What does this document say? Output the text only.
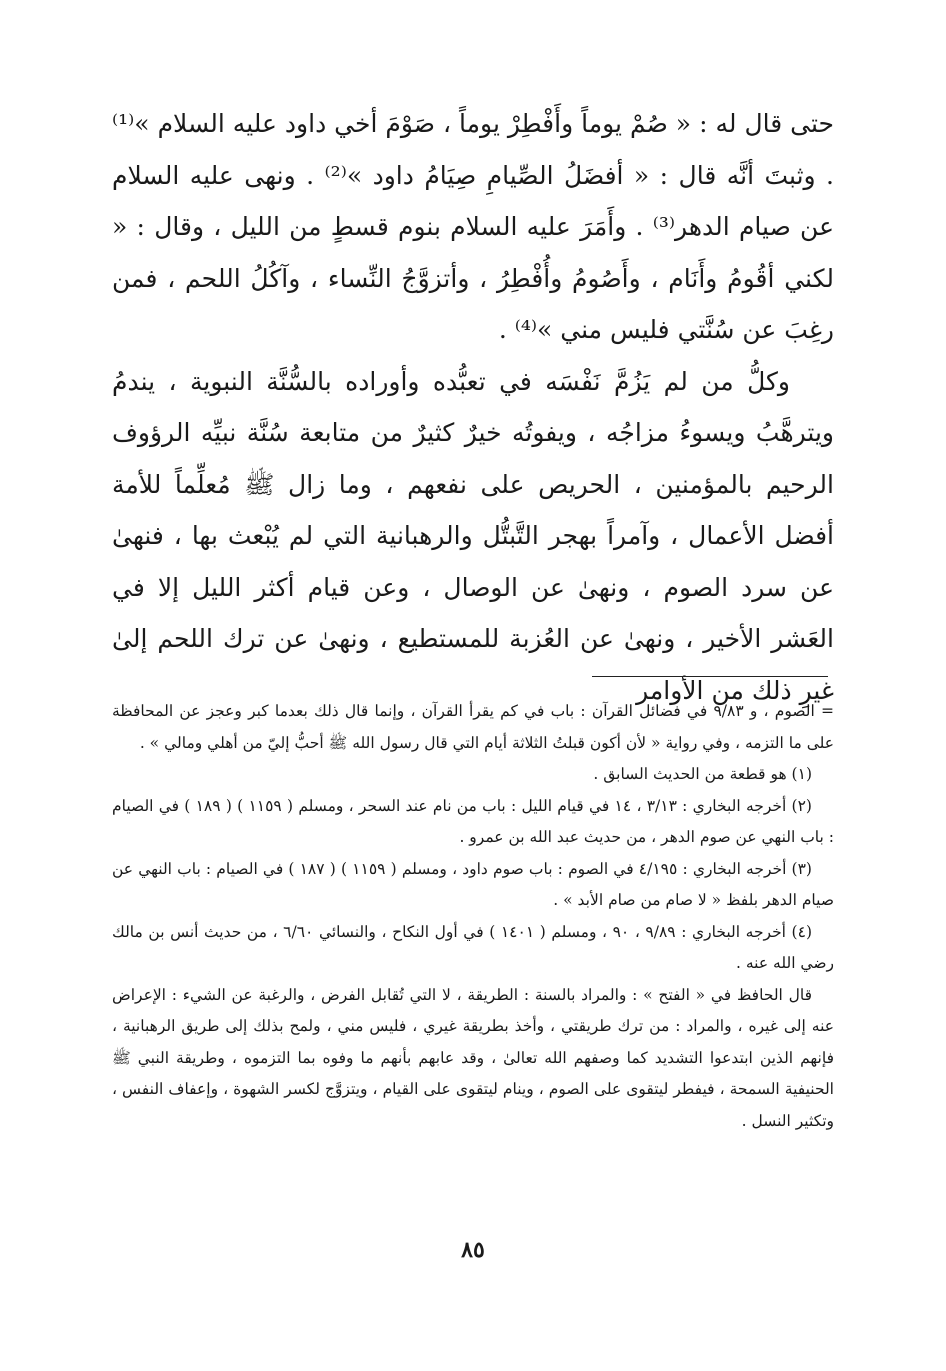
حتى قال له : « صُمْ يوماً وأَفْطِرْ يوماً ، صَوْمَ أخي داود عليه السلام »⁽¹⁾ . وثبتَ أنَّه قال : « أفضَلُ الصِّيامِ صِيَامُ داود »⁽²⁾ . ونهى عليه السلام عن صيام الدهر⁽³⁾ . وأَمَرَ عليه السلام بنوم قسطٍ من الليل ، وقال : « لكني أقُومُ وأَنَام ، وأَصُومُ وأُفْطِرُ ، وأتزوَّجُ النِّساء ، وآكُلُ اللحم ، فمن رغِبَ عن سُنَّتي فليس مني »⁽⁴⁾ .

وكلُّ من لم يَزُمَّ نَفْسَه في تعبُّده وأوراده بالسُّنَّة النبوية ، يندمُ ويترهَّبُ ويسوءُ مزاجُه ، ويفوتُه خيرٌ كثيرٌ من متابعة سُنَّة نبيِّه الرؤوف الرحيم بالمؤمنين ، الحريص على نفعهم ، وما زال ﷺ مُعلِّماً للأمة أفضل الأعمال ، وآمراً بهجر التَّبتُّل والرهبانية التي لم يُبْعث بها ، فنهىٰ عن سرد الصوم ، ونهىٰ عن الوصال ، وعن قيام أكثر الليل إلا في العَشر الأخير ، ونهىٰ عن العُزبة للمستطيع ، ونهىٰ عن ترك اللحم إلىٰ غيرِ ذلك من الأوامر

= الصوم ، و ٩/٨٣ في فضائل القرآن : باب في كم يقرأ القرآن ، وإنما قال ذلك بعدما كبر وعجز عن المحافظة على ما التزمه ، وفي رواية « لأن أكون قبلتُ الثلاثة أيام التي قال رسول الله ﷺ أحبُّ إليّ من أهلي ومالي » .

(١) هو قطعة من الحديث السابق .

(٢) أخرجه البخاري : ٣/١٣ ، ١٤ في قيام الليل : باب من نام عند السحر ، ومسلم ( ١١٥٩ ) ( ١٨٩ ) في الصيام : باب النهي عن صوم الدهر ، من حديث عبد الله بن عمرو .

(٣) أخرجه البخاري : ٤/١٩٥ في الصوم : باب صوم داود ، ومسلم ( ١١٥٩ ) ( ١٨٧ ) في الصيام : باب النهي عن صيام الدهر بلفظ « لا صام من صام الأبد » .

(٤) أخرجه البخاري : ٩/٨٩ ، ٩٠ ، ومسلم ( ١٤٠١ ) في أول النكاح ، والنسائي ٦/٦٠ ، من حديث أنس بن مالك رضي الله عنه .

قال الحافظ في « الفتح » : والمراد بالسنة : الطريقة ، لا التي تُقابل الفرض ، والرغبة عن الشيء : الإعراض عنه إلى غيره ، والمراد : من ترك طريقتي ، وأخذ بطريقة غيري ، فليس مني ، ولمح بذلك إلى طريق الرهبانية ، فإنهم الذين ابتدعوا التشديد كما وصفهم الله تعالىٰ ، وقد عابهم بأنهم ما وفوه بما التزموه ، وطريقة النبي ﷺ الحنيفية السمحة ، فيفطر ليتقوى على الصوم ، وينام ليتقوى على القيام ، ويتزوَّج لكسر الشهوة ، وإعفاف النفس ، وتكثير النسل .

٨٥
